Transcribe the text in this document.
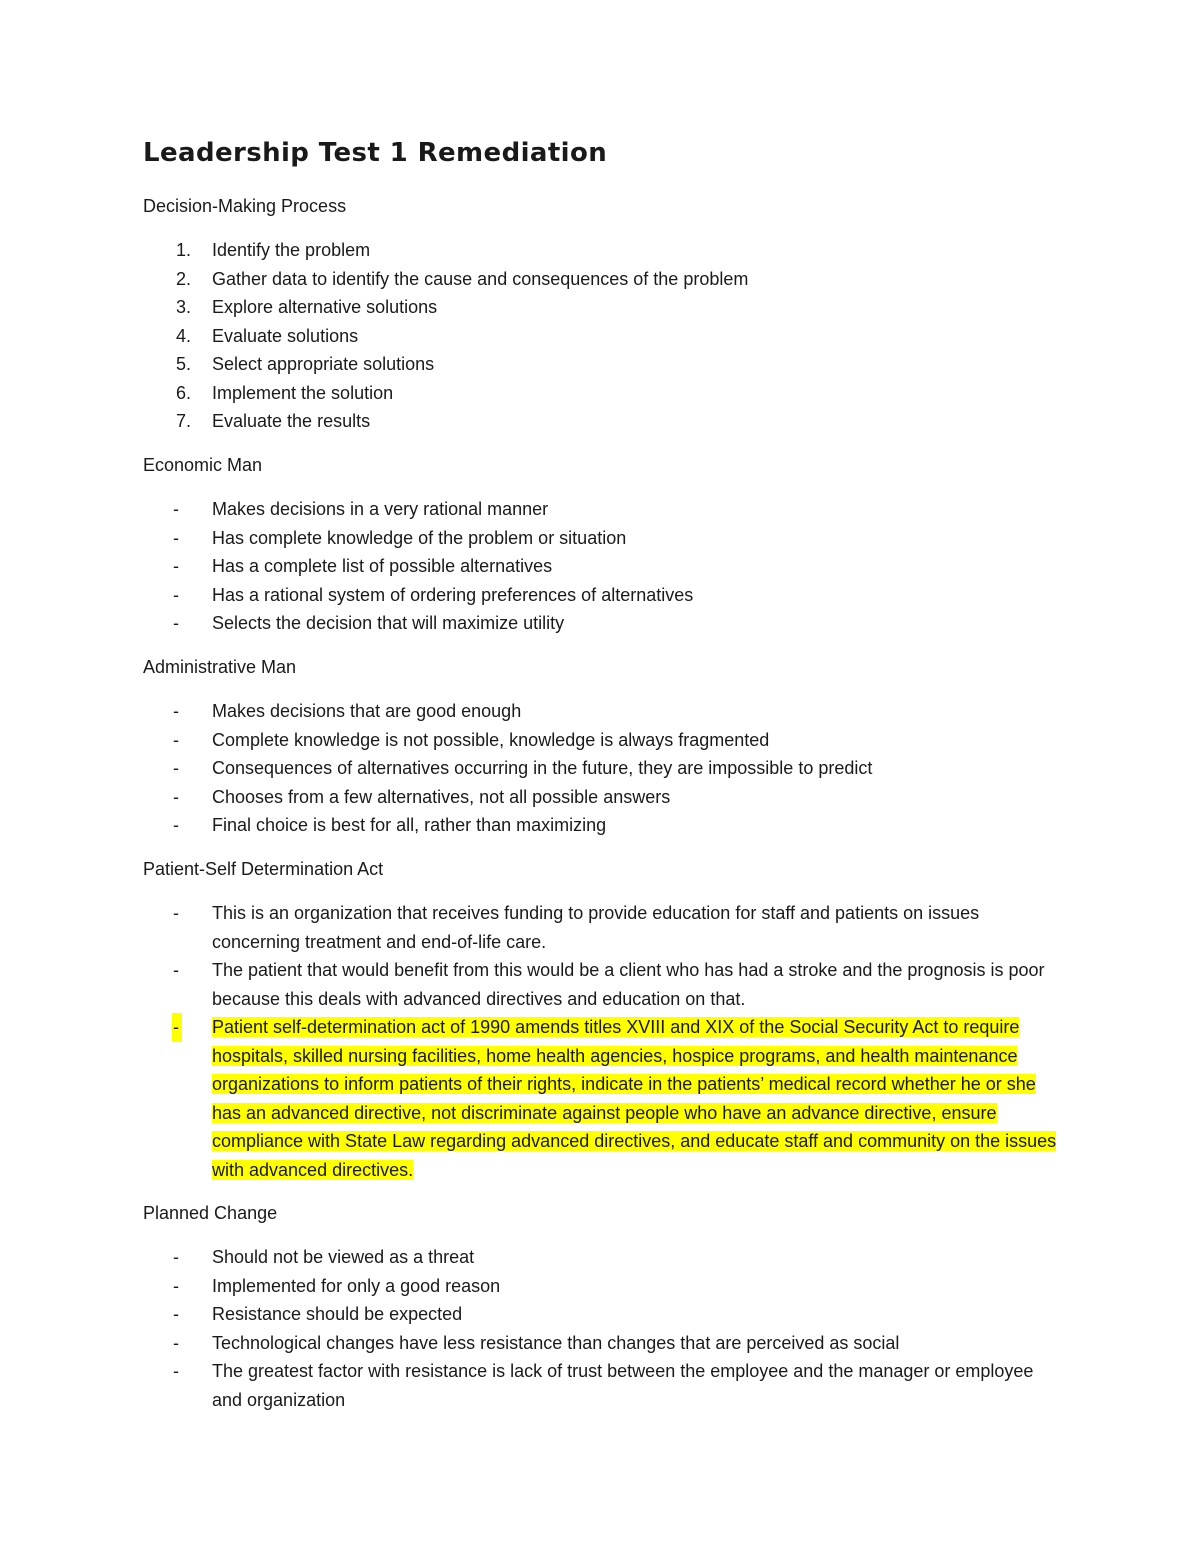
Leadership Test 1 Remediation

Decision-Making Process

1. Identify the problem
2. Gather data to identify the cause and consequences of the problem
3. Explore alternative solutions
4. Evaluate solutions
5. Select appropriate solutions
6. Implement the solution
7. Evaluate the results

Economic Man

- Makes decisions in a very rational manner
- Has complete knowledge of the problem or situation
- Has a complete list of possible alternatives
- Has a rational system of ordering preferences of alternatives
- Selects the decision that will maximize utility

Administrative Man

- Makes decisions that are good enough
- Complete knowledge is not possible, knowledge is always fragmented
- Consequences of alternatives occurring in the future, they are impossible to predict
- Chooses from a few alternatives, not all possible answers
- Final choice is best for all, rather than maximizing

Patient-Self Determination Act

- This is an organization that receives funding to provide education for staff and patients on issues concerning treatment and end-of-life care.
- The patient that would benefit from this would be a client who has had a stroke and the prognosis is poor because this deals with advanced directives and education on that.
- Patient self-determination act of 1990 amends titles XVIII and XIX of the Social Security Act to require hospitals, skilled nursing facilities, home health agencies, hospice programs, and health maintenance organizations to inform patients of their rights, indicate in the patients’ medical record whether he or she has an advanced directive, not discriminate against people who have an advance directive, ensure compliance with State Law regarding advanced directives, and educate staff and community on the issues with advanced directives.

Planned Change

- Should not be viewed as a threat
- Implemented for only a good reason
- Resistance should be expected
- Technological changes have less resistance than changes that are perceived as social
- The greatest factor with resistance is lack of trust between the employee and the manager or employee and organization
